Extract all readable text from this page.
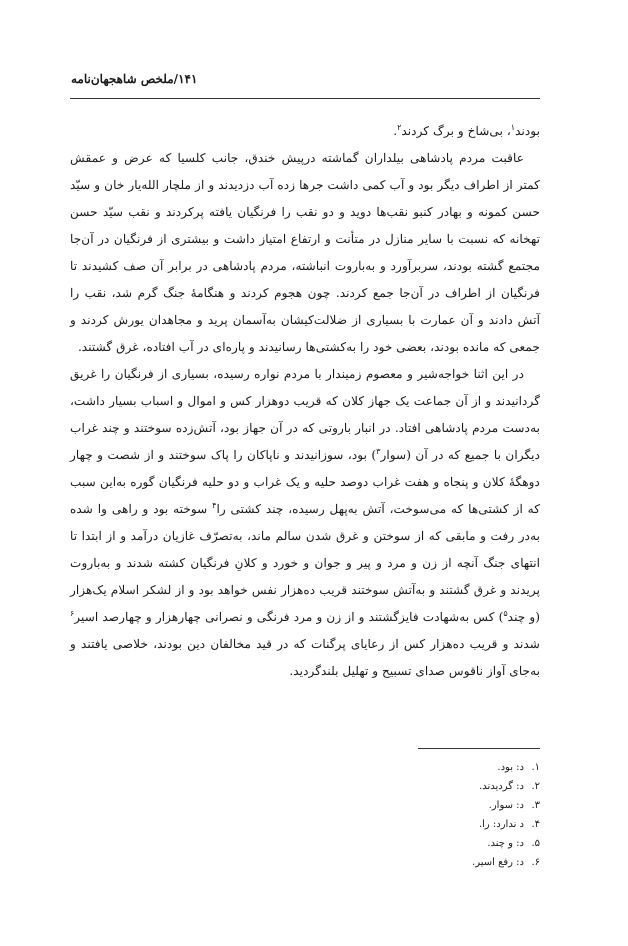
۱۴۱/ملخص شاهجهان‌نامه

بودند$^۱$، بی‌شاخ و برگ کردند$^۲$.

عاقبت مردم پادشاهی بیلداران گماشته درپیش خندق، جانب کلسیا که عرض و عمقش کمتر از اطراف دیگر بود و آب کمی داشت جرها زده آب دزدیدند و از ملچار الله‌یار خان و سیّد حسن کمونه و بهادر کنبو نقب‌ها دوید و دو نقب را فرنگیان یافته پرکردند و نقب سیّد حسن تهخانه که نسبت با سایر منازل در متأنت و ارتفاع امتیاز داشت و بیشتری از فرنگیان در آن‌جا مجتمع گشته بودند، سربرآورد و به‌باروت انباشته، مردم پادشاهی در برابر آن صف کشیدند تا فرنگیان از اطراف در آن‌جا جمع کردند. چون هجوم کردند و هنگامهٔ جنگ گرم شد، نقب را آتش دادند و آن عمارت با بسیاری از ضلالت‌کیشان به‌آسمان پرید و مجاهدان یورش کردند و جمعی که مانده بودند، بعضی خود را به‌کشتی‌ها رسانیدند و پاره‌ای در آب افتاده، غرق گشتند.

در این اثنا خواجه‌شیر و معصوم زمیندار با مردم نواره رسیده، بسیاری از فرنگیان را غریق گردانیدند و از آن جماعت یک جهاز کلان که قریب دوهزار کس و اموال و اسباب بسیار داشت، به‌دست مردم پادشاهی افتاد. در انبار باروتی که در آن جهاز بود، آتش‌زده سوختند و چند غراب دیگران با جمیع که در آن (سوار$^۳$) بود، سوزانیدند و ناپاکان را پاک سوختند و از شصت و چهار دوهگهٔ کلان و پنجاه و هفت غراب دوصد حلیه و یک غراب و دو حلیه فرنگیان گوره به‌این سبب که از کشتی‌ها که می‌سوخت، آتش به‌پهل رسیده، چند کشتی را$^۴$ سوخته بود و راهی وا شده به‌در رفت و مابقی که از سوختن و غرق شدن سالم ماند، به‌تصرّف غازیان درآمد و از ابتدا تا انتهای جنگ آنچه از زن و مرد و پیر و جوان و خورد و کلانِ فرنگیان کشته شدند و به‌باروت پریدند و غرق گشتند و به‌آتش سوختند قریب ده‌هزار نفس خواهد بود و از لشکر اسلام یک‌هزار (و چند$^۵$) کس به‌شهادت فایزگشتند و از زن و مرد فرنگی و نصرانی چهارهزار و چهارصد اسیر$^۶$ شدند و قریب ده‌هزار کس از رعایای پرگنات که در قید مخالفان دین بودند، خلاصی یافتند و به‌جای آواز ناقوس صدای تسبیح و تهلیل بلندگردید.

۱.
د: بود.
۲.
د: گردیدند.
۳.
د: سوار.
۴.
د ندارد: را.
۵.
د: و چند.
۶.
د: رفع اسیر.
